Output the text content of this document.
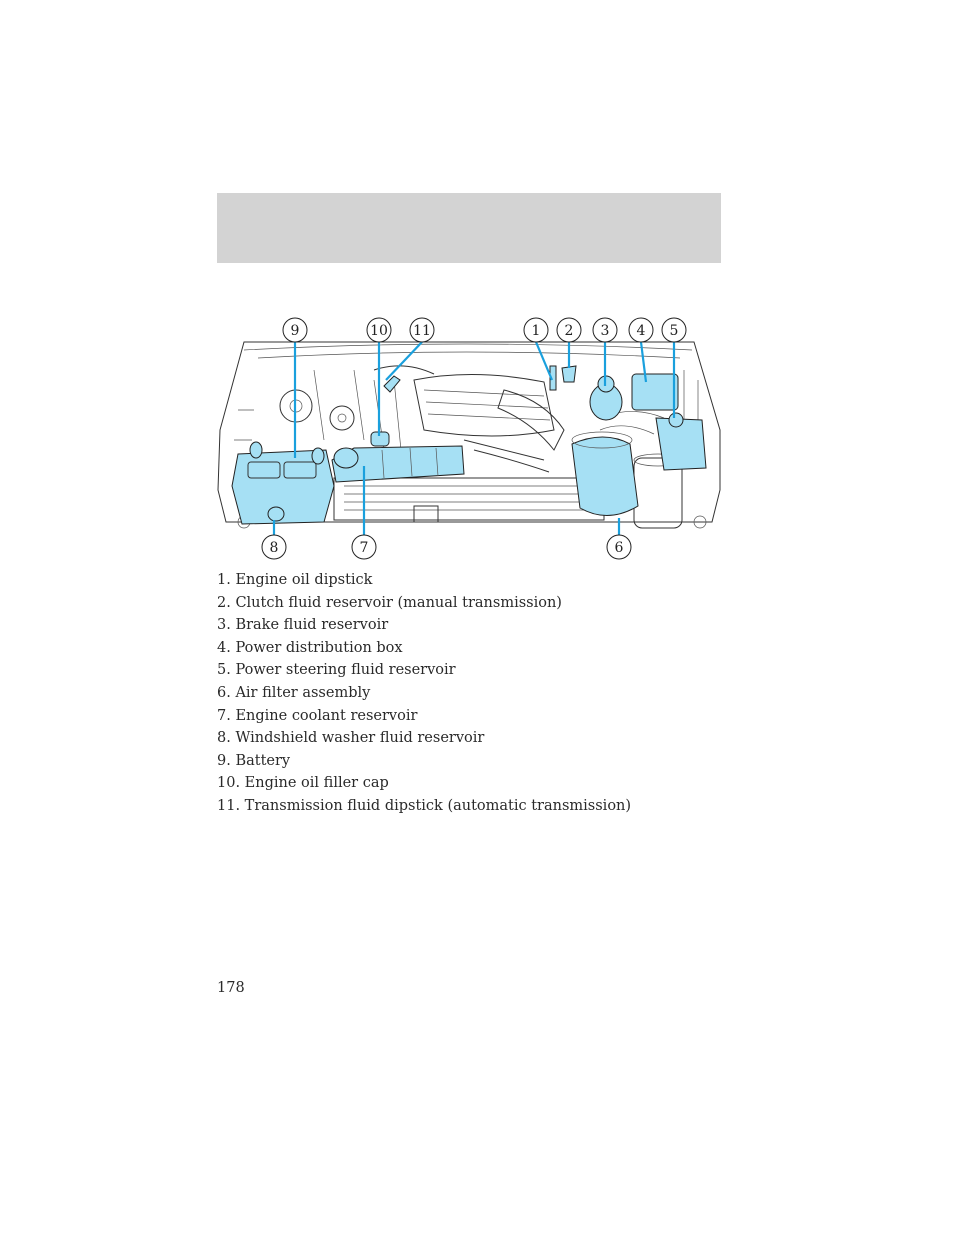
9	10 11	1 2 3 4 5
8	7	6
1. Engine oil dipstick
2. Clutch fluid reservoir (manual transmission)
3. Brake fluid reservoir
4. Power distribution box
5. Power steering fluid reservoir
6. Air filter assembly
7. Engine coolant reservoir
8. Windshield washer fluid reservoir
9. Battery
10. Engine oil filler cap
11. Transmission fluid dipstick (automatic transmission)
178
